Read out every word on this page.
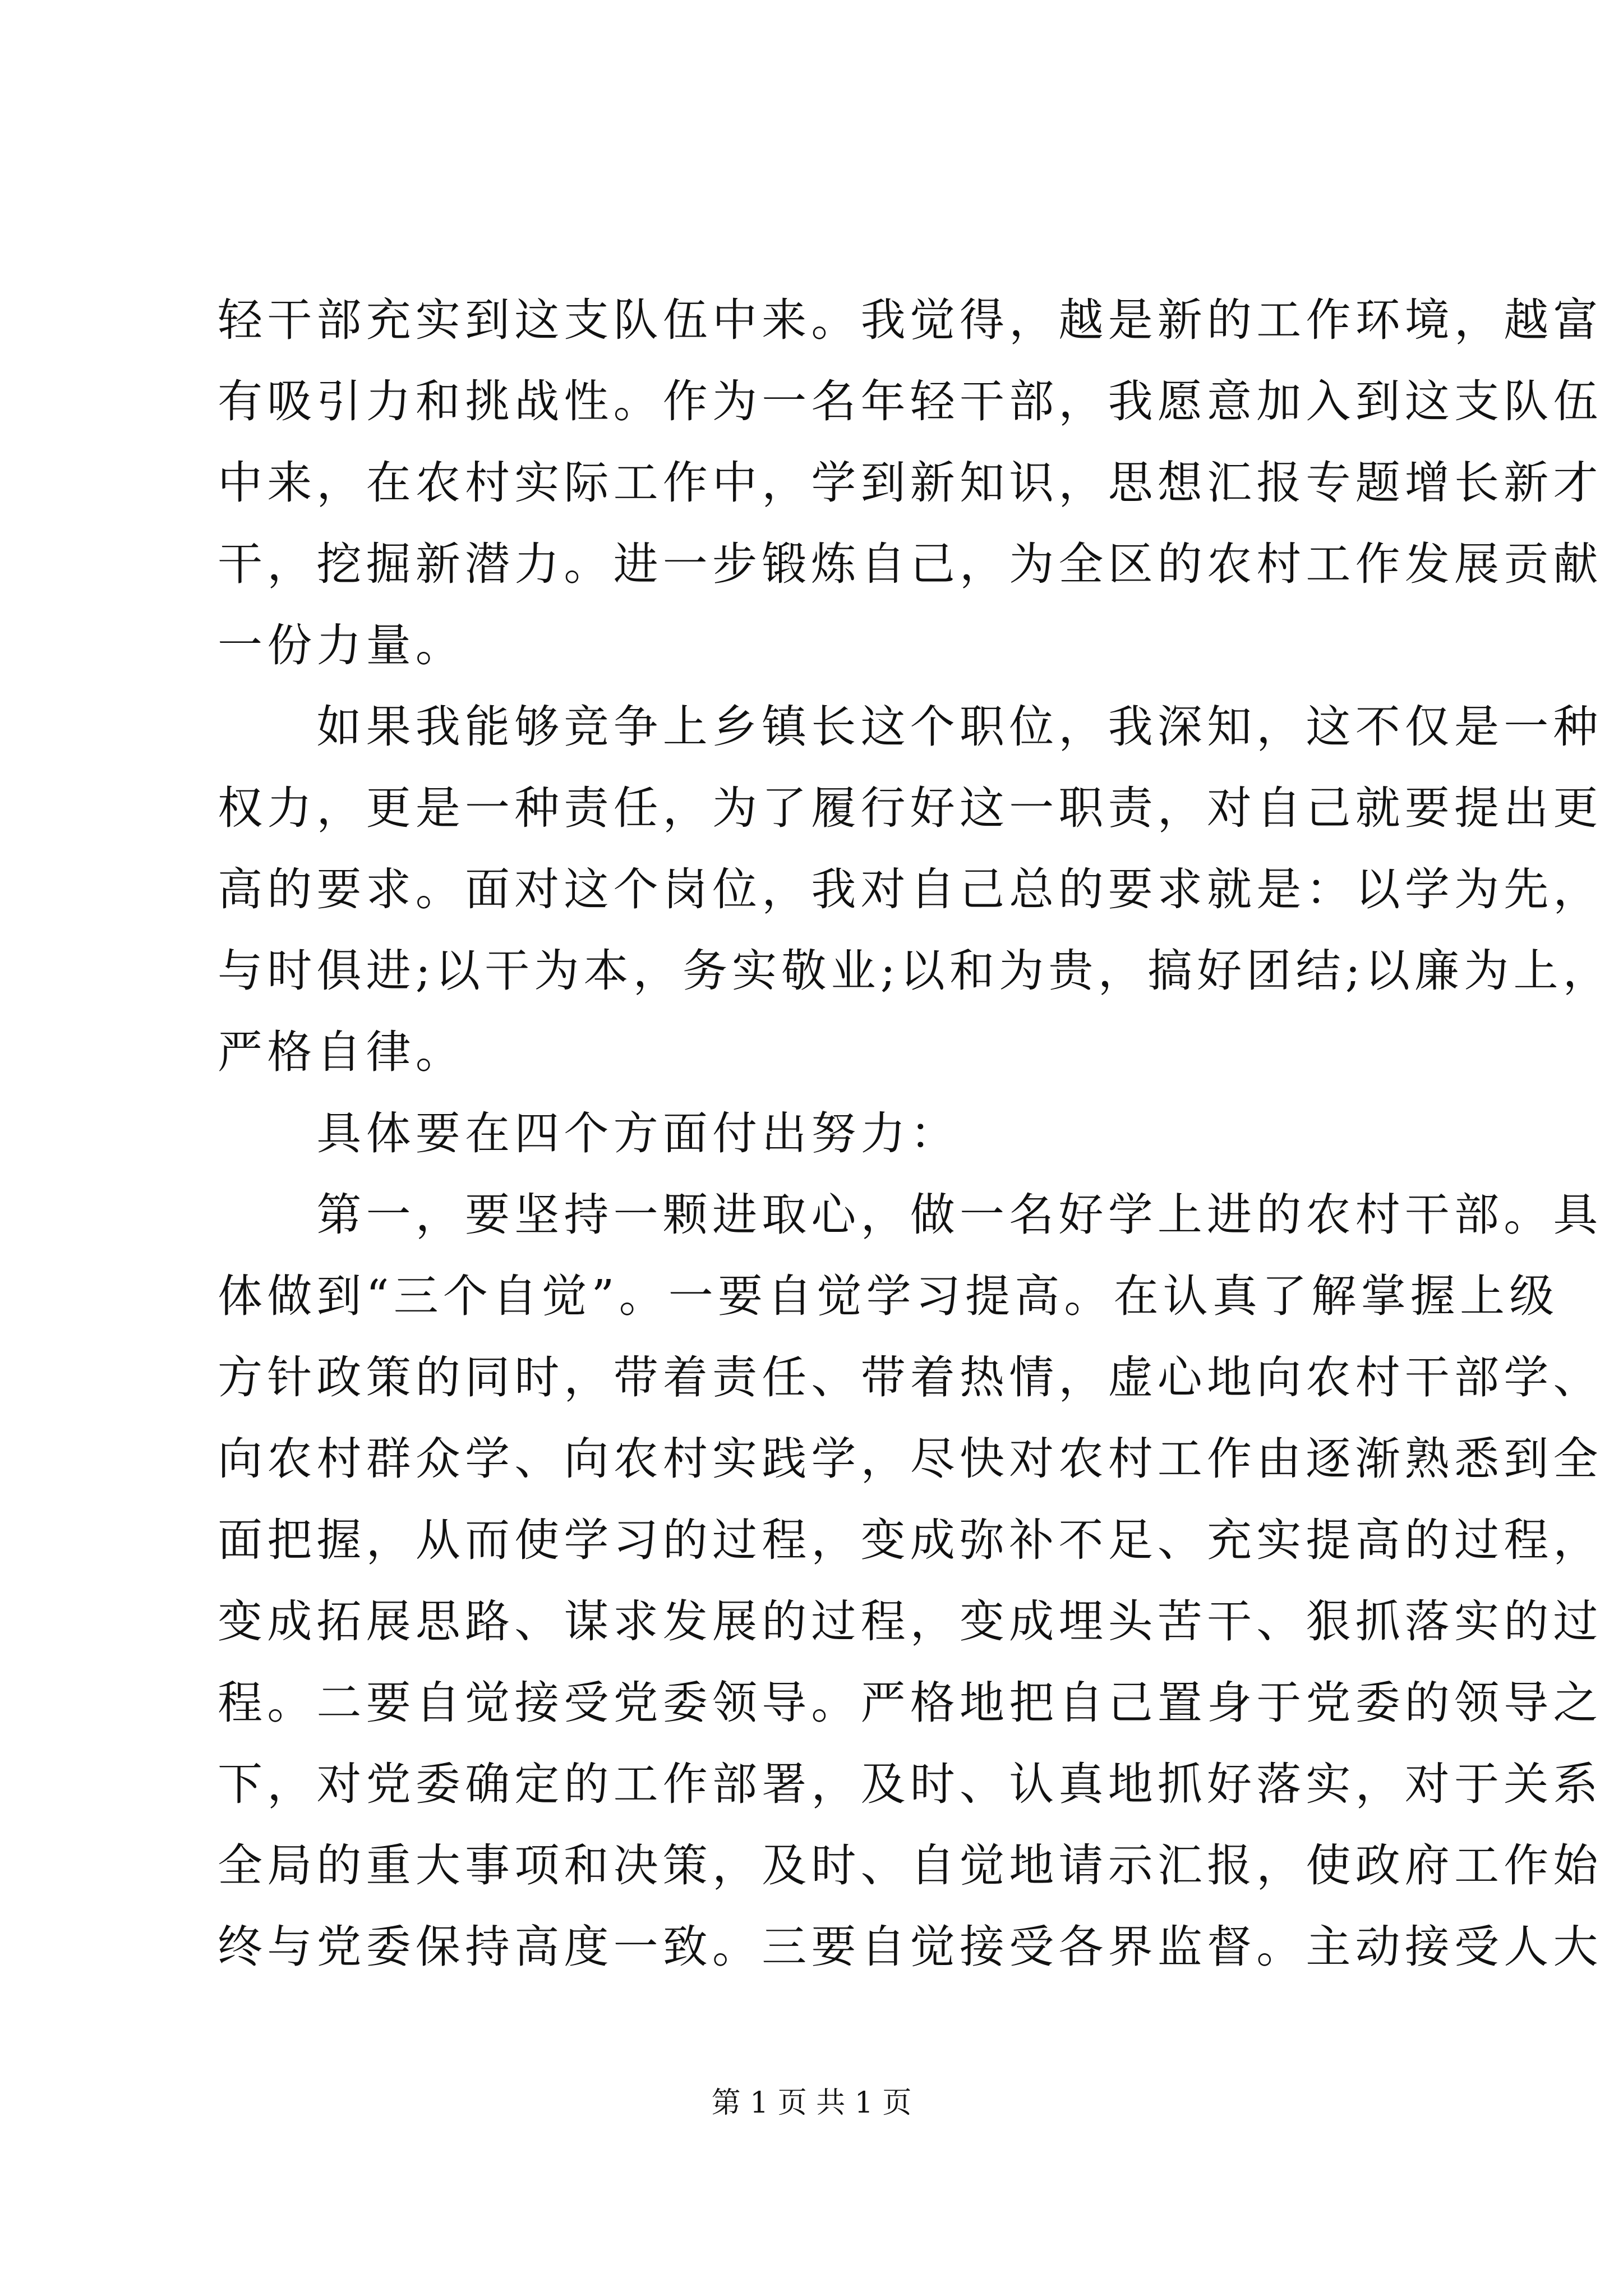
轻干部充实到这支队伍中来。我觉得，越是新的工作环境，越富
有吸引力和挑战性。作为一名年轻干部，我愿意加入到这支队伍
中来，在农村实际工作中，学到新知识，思想汇报专题增长新才
干，挖掘新潜力。进一步锻炼自己，为全区的农村工作发展贡献
一份力量。
　　如果我能够竞争上乡镇长这个职位，我深知，这不仅是一种
权力，更是一种责任，为了履行好这一职责，对自己就要提出更
高的要求。面对这个岗位，我对自己总的要求就是：以学为先，
与时俱进;以干为本，务实敬业;以和为贵，搞好团结;以廉为上，
严格自律。
　　具体要在四个方面付出努力：
　　第一，要坚持一颗进取心，做一名好学上进的农村干部。具
体做到“三个自觉”。一要自觉学习提高。在认真了解掌握上级
方针政策的同时，带着责任、带着热情，虚心地向农村干部学、
向农村群众学、向农村实践学，尽快对农村工作由逐渐熟悉到全
面把握，从而使学习的过程，变成弥补不足、充实提高的过程，
变成拓展思路、谋求发展的过程，变成埋头苦干、狠抓落实的过
程。二要自觉接受党委领导。严格地把自己置身于党委的领导之
下，对党委确定的工作部署，及时、认真地抓好落实，对于关系
全局的重大事项和决策，及时、自觉地请示汇报，使政府工作始
终与党委保持高度一致。三要自觉接受各界监督。主动接受人大
第 1 页 共 1 页
